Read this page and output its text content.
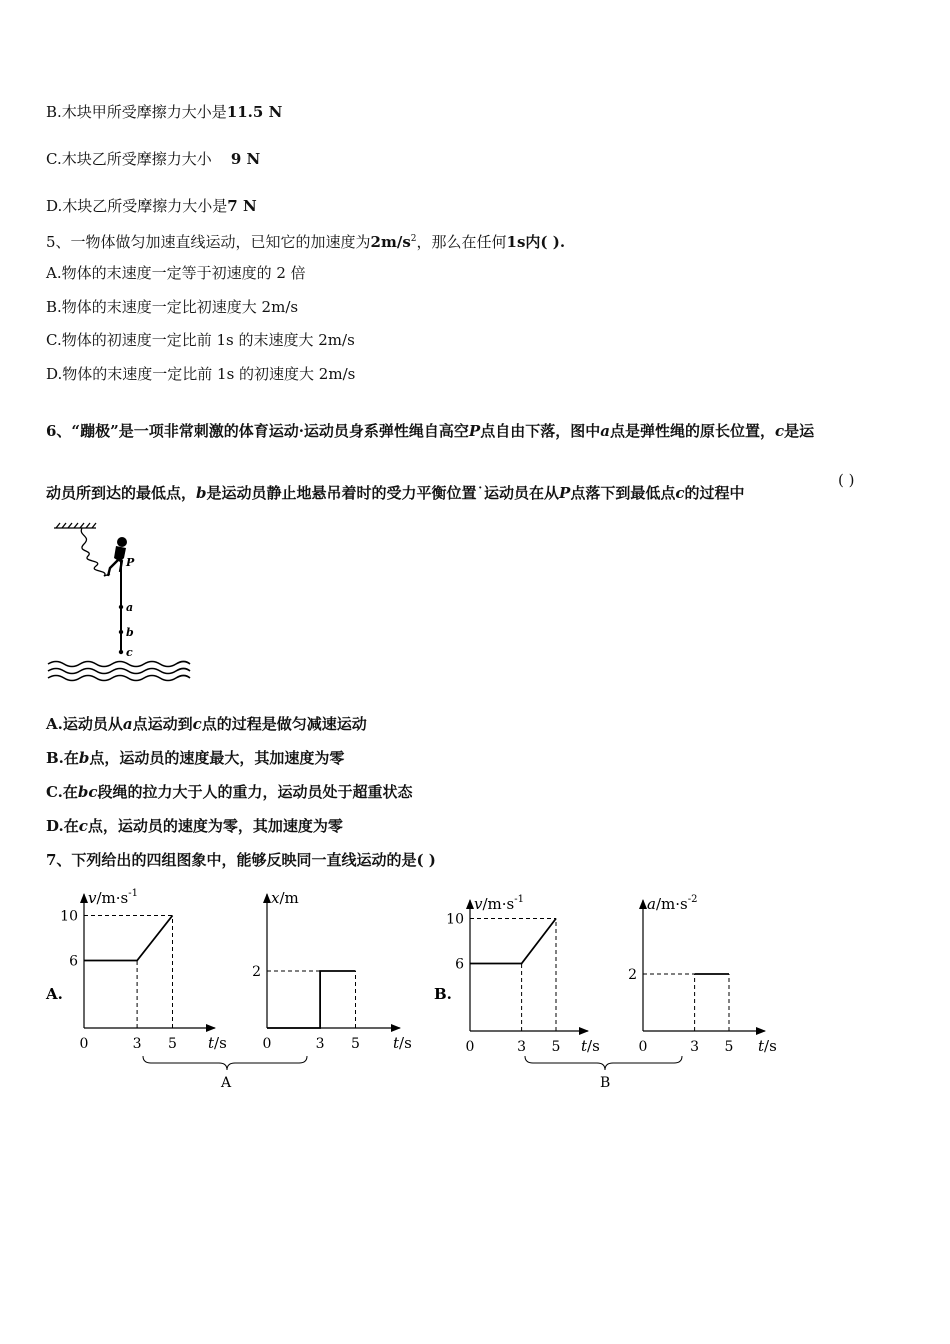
B.木块甲所受摩擦力大小是11.5 N
C.木块乙所受摩擦力大小 9 N
D.木块乙所受摩擦力大小是7 N
5、一物体做匀加速直线运动，已知它的加速度为$2m/s^2$，那么在任何1s内( ).
A.物体的末速度一定等于初速度的 2 倍
B.物体的末速度一定比初速度大 2m/s
C.物体的初速度一定比前 1s 的末速度大 2m/s
D.物体的末速度一定比前 1s 的初速度大 2m/s
6、“蹦极”是一项非常刺激的体育运动·运动员身系弹性绳自高空P点自由下落，图中a点是弹性绳的原长位置，c是运
动员所到达的最低点，b是运动员静止地悬吊着时的受力平衡位置˙运动员在从P点落下到最低点c的过程中
( )
P
a
b
c
A.运动员从a点运动到c点的过程是做匀减速运动
B.在b点，运动员的速度最大，其加速度为零
C.在bc段绳的拉力大于人的重力，运动员处于超重状态
D.在c点，运动员的速度为零，其加速度为零
7、下列给出的四组图象中，能够反映同一直线运动的是( )
A.	B.
$v/m\cdot s^{-1}$
t/s
0	3 5
6
10
x/m
t/s
0	3 5
2
$v/m\cdot s^{-1}$
t/s
0	3 5
6
10
$a/m\cdot s^{-2}$
t/s
0	3 5
2
A	B
